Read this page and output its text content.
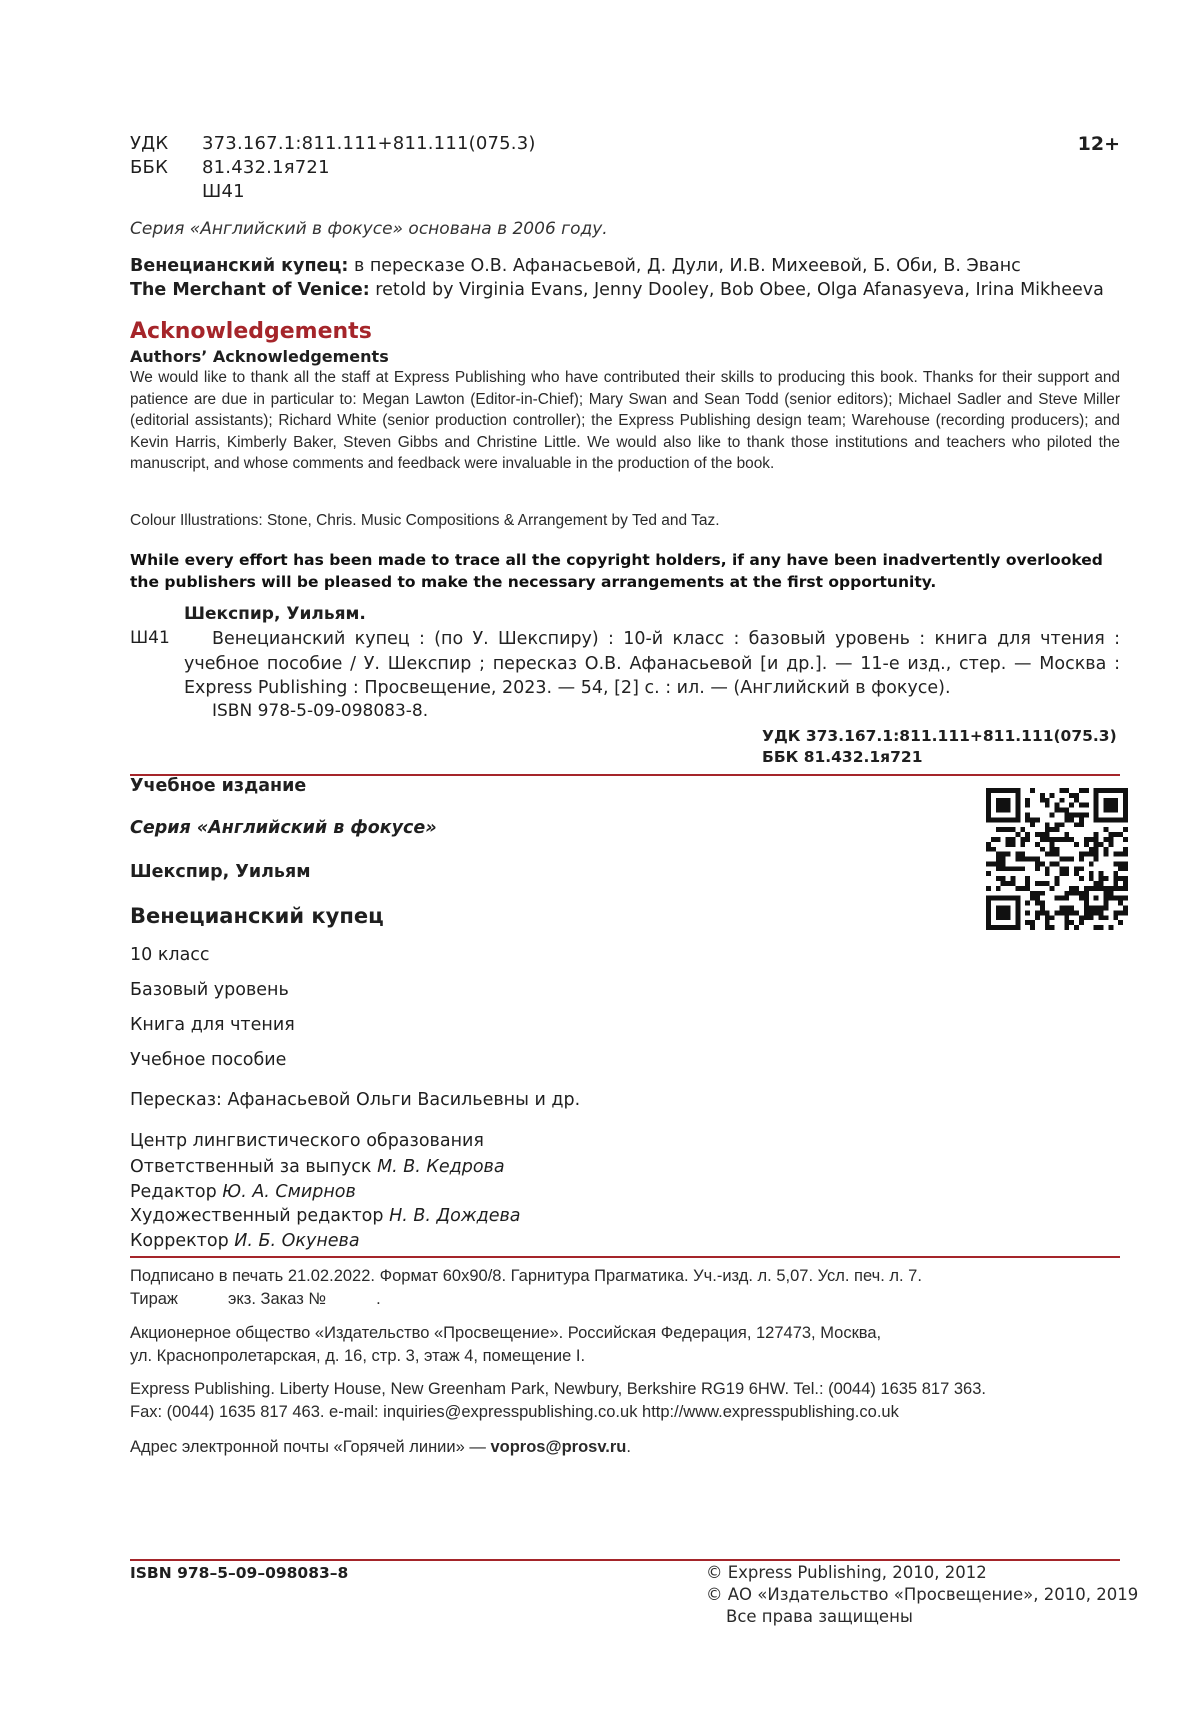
УДК 373.167.1:811.111+811.111(075.3)
ББК 81.432.1я721
Ш41
12+
Серия «Английский в фокусе» основана в 2006 году.
Венецианский купец: в пересказе О.В. Афанасьевой, Д. Дули, И.В. Михеевой, Б. Оби, В. Эванс
The Merchant of Venice: retold by Virginia Evans, Jenny Dooley, Bob Obee, Olga Afanasyeva, Irina Mikheeva
Acknowledgements
Authors’ Acknowledgements
We would like to thank all the staff at Express Publishing who have contributed their skills to producing this book. Thanks for their support and patience are due in particular to: Megan Lawton (Editor-in-Chief); Mary Swan and Sean Todd (senior editors); Michael Sadler and Steve Miller (editorial assistants); Richard White (senior production controller); the Express Publishing design team; Warehouse (recording producers); and Kevin Harris, Kimberly Baker, Steven Gibbs and Christine Little. We would also like to thank those institutions and teachers who piloted the manuscript, and whose comments and feedback were invaluable in the production of the book.
Colour Illustrations: Stone, Chris. Music Compositions & Arrangement by Ted and Taz.
While every effort has been made to trace all the copyright holders, if any have been inadvertently overlooked the publishers will be pleased to make the necessary arrangements at the first opportunity.
Шекспир, Уильям.
Ш41	Венецианский купец : (по У. Шекспиру) : 10-й класс : базовый уровень : книга для чтения : учебное пособие / У. Шекспир ; пересказ О.В. Афанасьевой [и др.]. — 11-е изд., стер. — Москва : Express Publishing : Просвещение, 2023. — 54, [2] с. : ил. — (Английский в фокусе).
ISBN 978-5-09-098083-8.
УДК 373.167.1:811.111+811.111(075.3)
ББК 81.432.1я721
Учебное издание
Серия «Английский в фокусе»
Шекспир, Уильям
Венецианский купец
10 класс
Базовый уровень
Книга для чтения
Учебное пособие
Пересказ: Афанасьевой Ольги Васильевны и др.
Центр лингвистического образования
Ответственный за выпуск М. В. Кедрова
Редактор Ю. А. Смирнов
Художественный редактор Н. В. Дождева
Корректор И. Б. Окунева
Подписано в печать 21.02.2022. Формат 60x90/8. Гарнитура Прагматика. Уч.-изд. л. 5,07. Усл. печ. л. 7.
Тираж	экз. Заказ №	.
Акционерное общество «Издательство «Просвещение». Российская Федерация, 127473, Москва,
ул. Краснопролетарская, д. 16, стр. 3, этаж 4, помещение I.
Express Publishing. Liberty House, New Greenham Park, Newbury, Berkshire RG19 6HW. Tel.: (0044) 1635 817 363.
Fax: (0044) 1635 817 463. e-mail: inquiries@expresspublishing.co.uk http://www.expresspublishing.co.uk
Адрес электронной почты «Горячей линии» — vopros@prosv.ru.
ISBN 978–5–09–098083–8	© Express Publishing, 2010, 2012
© АО «Издательство «Просвещение», 2010, 2019
Все права защищены
